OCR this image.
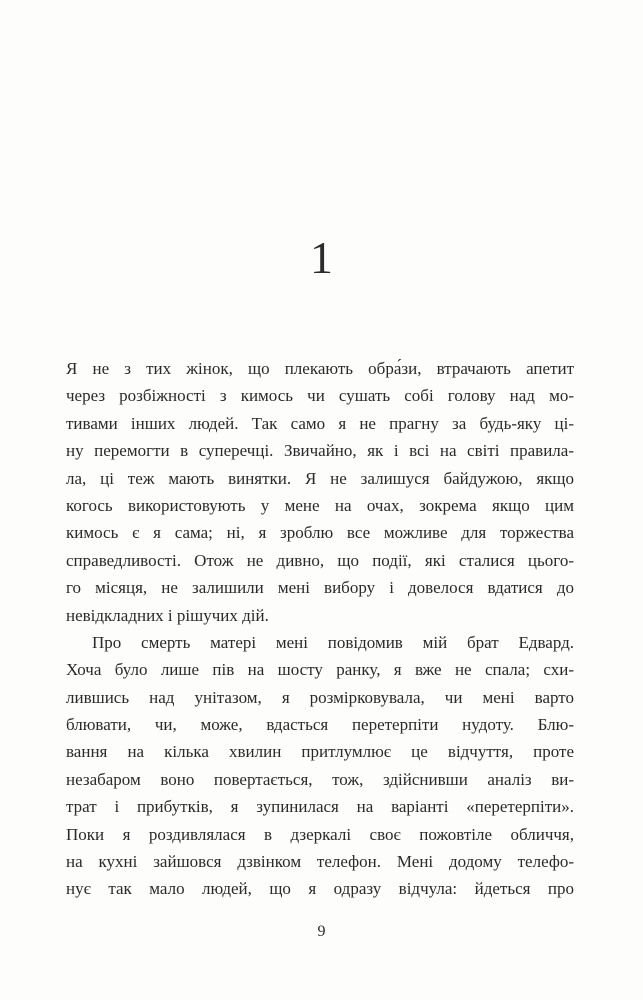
1
Я не з тих жінок, що плекають обра́зи, втрачають апетит
через розбіжності з кимось чи сушать собі голову над мо-
тивами інших людей. Так само я не прагну за будь-яку ці-
ну перемогти в суперечці. Звичайно, як і всі на світі правила-
ла, ці теж мають винятки. Я не залишуся байдужою, якщо
когось використовують у мене на очах, зокрема якщо цим
кимось є я сама; ні, я зроблю все можливе для торжества
справедливості. Отож не дивно, що події, які сталися цього-
го місяця, не залишили мені вибору і довелося вдатися до
невідкладних і рішучих дій.
Про смерть матері мені повідомив мій брат Едвард.
Хоча було лише пів на шосту ранку, я вже не спала; схи-
лившись над унітазом, я розмірковувала, чи мені варто
блювати, чи, може, вдасться перетерпіти нудоту. Блю-
вання на кілька хвилин притлумлює це відчуття, проте
незабаром воно повертається, тож, здійснивши аналіз ви-
трат і прибутків, я зупинилася на варіанті «перетерпіти».
Поки я роздивлялася в дзеркалі своє пожовтіле обличчя,
на кухні зайшовся дзвінком телефон. Мені додому телефо-
нує так мало людей, що я одразу відчула: йдеться про
9
